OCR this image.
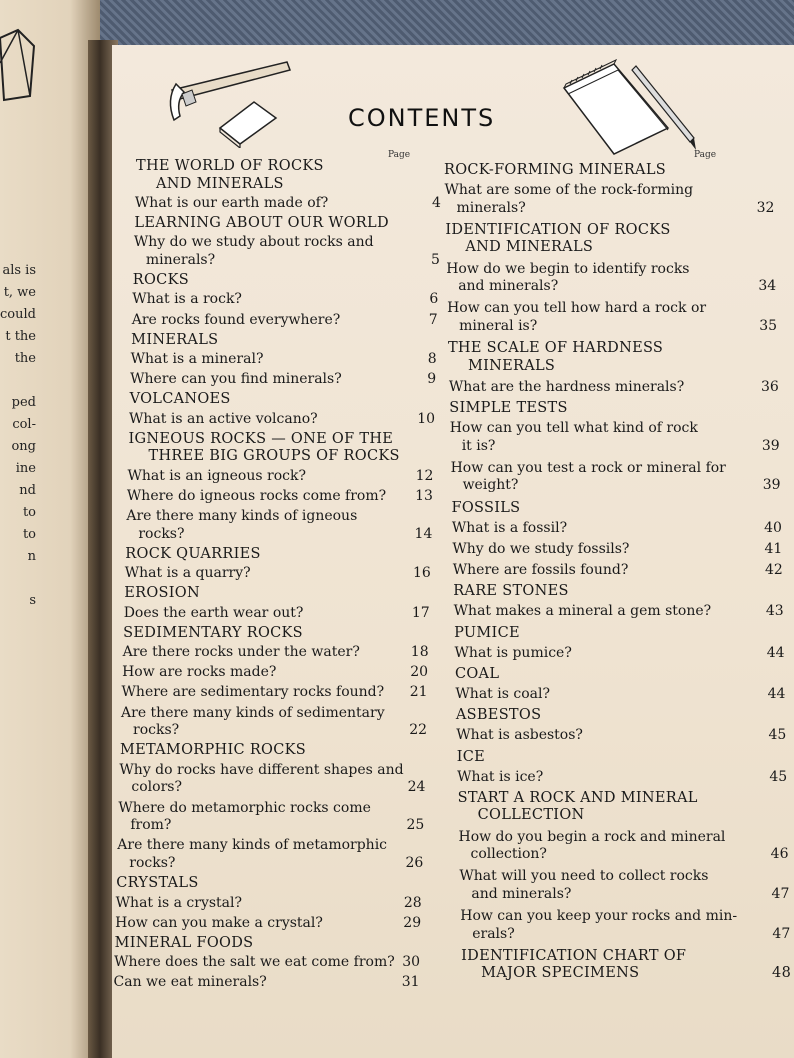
als is
t, we
could
t the
the
ped
col-
ong
ine
nd
to
to
n
s
CONTENTS
Page	Page
THE WORLD OF ROCKS
AND MINERALS
What is our earth made of?	4
LEARNING ABOUT OUR WORLD
Why do we study about rocks and
minerals?	5
ROCKS
What is a rock?	6
Are rocks found everywhere?	7
MINERALS
What is a mineral?	8
Where can you find minerals?	9
VOLCANOES
What is an active volcano?	10
IGNEOUS ROCKS — ONE OF THE
THREE BIG GROUPS OF ROCKS
What is an igneous rock?	12
Where do igneous rocks come from?	13
Are there many kinds of igneous
rocks?	14
ROCK QUARRIES
What is a quarry?	16
EROSION
Does the earth wear out?	17
SEDIMENTARY ROCKS
Are there rocks under the water?	18
How are rocks made?	20
Where are sedimentary rocks found?	21
Are there many kinds of sedimentary
rocks?	22
METAMORPHIC ROCKS
Why do rocks have different shapes and
colors?	24
Where do metamorphic rocks come
from?	25
Are there many kinds of metamorphic
rocks?	26
CRYSTALS
What is a crystal?	28
How can you make a crystal?	29
MINERAL FOODS
Where does the salt we eat come from? 30
Can we eat minerals?	31
ROCK-FORMING MINERALS
What are some of the rock-forming
minerals?	32
IDENTIFICATION OF ROCKS
AND MINERALS
How do we begin to identify rocks
and minerals?	34
How can you tell how hard a rock or
mineral is?	35
THE SCALE OF HARDNESS
MINERALS
What are the hardness minerals?	36
SIMPLE TESTS
How can you tell what kind of rock
it is?	39
How can you test a rock or mineral for
weight?	39
FOSSILS
What is a fossil?	40
Why do we study fossils?	41
Where are fossils found?	42
RARE STONES
What makes a mineral a gem stone?	43
PUMICE
What is pumice?	44
COAL
What is coal?	44
ASBESTOS
What is asbestos?	45
ICE
What is ice?	45
START A ROCK AND MINERAL
COLLECTION
How do you begin a rock and mineral
collection?	46
What will you need to collect rocks
and minerals?	47
How can you keep your rocks and min-
erals?	47
IDENTIFICATION CHART OF
MAJOR SPECIMENS	48
